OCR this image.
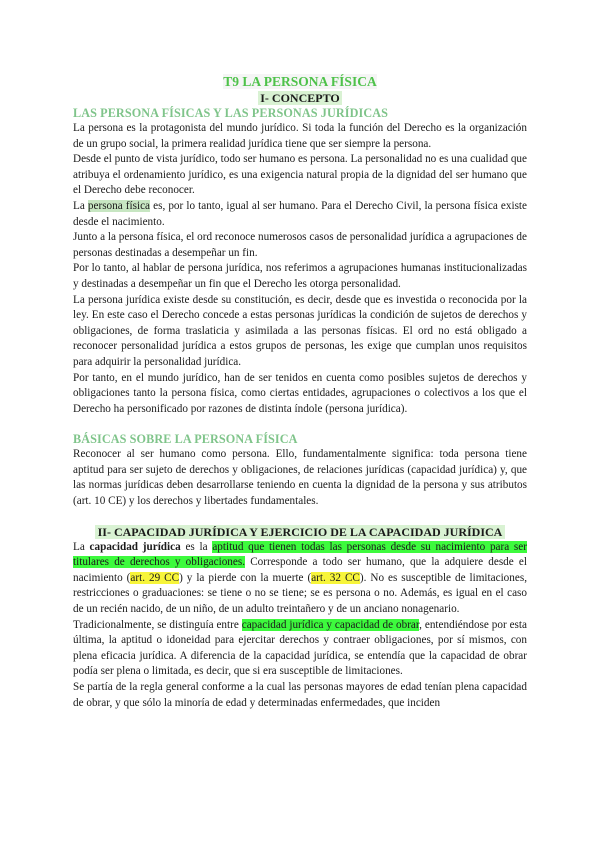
T9 LA PERSONA FÍSICA
I- CONCEPTO
LAS PERSONA FÍSICAS Y LAS PERSONAS JURÍDICAS

La persona es la protagonista del mundo jurídico. Si toda la función del Derecho es la organización de un grupo social, la primera realidad jurídica tiene que ser siempre la persona.

Desde el punto de vista jurídico, todo ser humano es persona. La personalidad no es una cualidad que atribuya el ordenamiento jurídico, es una exigencia natural propia de la dignidad del ser humano que el Derecho debe reconocer.

La persona física es, por lo tanto, igual al ser humano. Para el Derecho Civil, la persona física existe desde el nacimiento.

Junto a la persona física, el ord reconoce numerosos casos de personalidad jurídica a agrupaciones de personas destinadas a desempeñar un fin.

Por lo tanto, al hablar de persona jurídica, nos referimos a agrupaciones humanas institucionalizadas y destinadas a desempeñar un fin que el Derecho les otorga personalidad.

La persona jurídica existe desde su constitución, es decir, desde que es investida o reconocida por la ley. En este caso el Derecho concede a estas personas jurídicas la condición de sujetos de derechos y obligaciones, de forma traslaticia y asimilada a las personas físicas. El ord no está obligado a reconocer personalidad jurídica a estos grupos de personas, les exige que cumplan unos requisitos para adquirir la personalidad jurídica.

Por tanto, en el mundo jurídico, han de ser tenidos en cuenta como posibles sujetos de derechos y obligaciones tanto la persona física, como ciertas entidades, agrupaciones o colectivos a los que el Derecho ha personificado por razones de distinta índole (persona jurídica).

BÁSICAS SOBRE LA PERSONA FÍSICA

Reconocer al ser humano como persona. Ello, fundamentalmente significa: toda persona tiene aptitud para ser sujeto de derechos y obligaciones, de relaciones jurídicas (capacidad jurídica) y, que las normas jurídicas deben desarrollarse teniendo en cuenta la dignidad de la persona y sus atributos (art. 10 CE) y los derechos y libertades fundamentales.

II- CAPACIDAD JURÍDICA Y EJERCICIO DE LA CAPACIDAD JURÍDICA

La capacidad jurídica es la aptitud que tienen todas las personas desde su nacimiento para ser titulares de derechos y obligaciones. Corresponde a todo ser humano, que la adquiere desde el nacimiento (art. 29 CC) y la pierde con la muerte (art. 32 CC). No es susceptible de limitaciones, restricciones o graduaciones: se tiene o no se tiene; se es persona o no. Además, es igual en el caso de un recién nacido, de un niño, de un adulto treintañero y de un anciano nonagenario.

Tradicionalmente, se distinguía entre capacidad jurídica y capacidad de obrar, entendiéndose por esta última, la aptitud o idoneidad para ejercitar derechos y contraer obligaciones, por sí mismos, con plena eficacia jurídica. A diferencia de la capacidad jurídica, se entendía que la capacidad de obrar podía ser plena o limitada, es decir, que si era susceptible de limitaciones.

Se partía de la regla general conforme a la cual las personas mayores de edad tenían plena capacidad de obrar, y que sólo la minoría de edad y determinadas enfermedades, que inciden
